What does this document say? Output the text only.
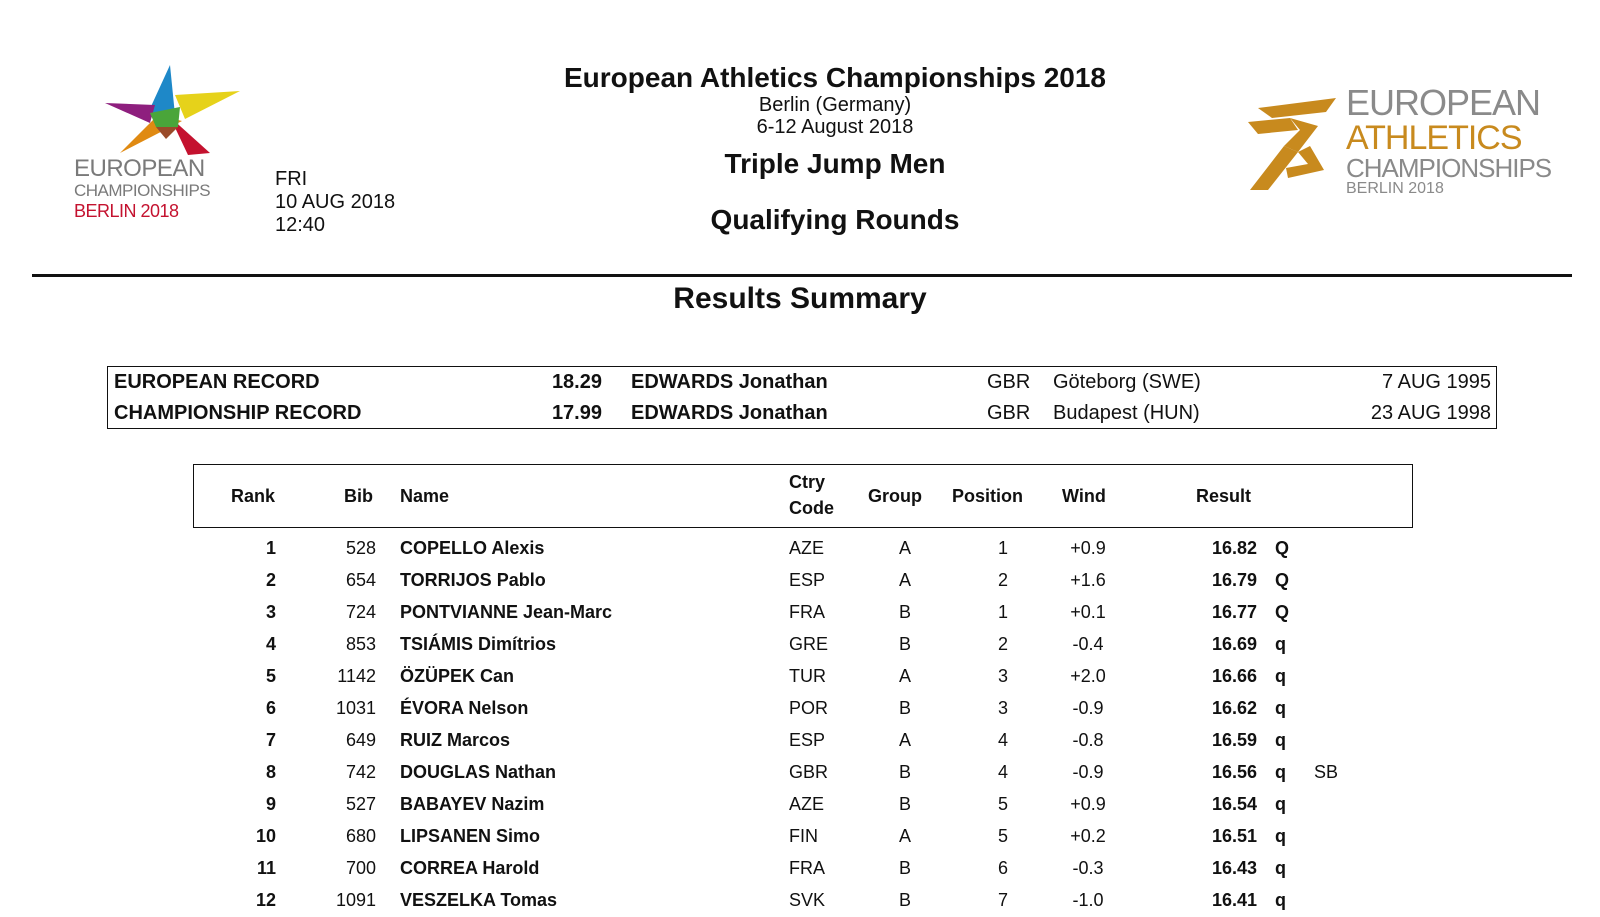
EUROPEAN
CHAMPIONSHIPS
BERLIN 2018
FRI
10 AUG 2018
12:40
European Athletics Championships 2018
Berlin (Germany)
6-12 August 2018
Triple Jump Men
Qualifying Rounds
EUROPEAN
ATHLETICS
CHAMPIONSHIPS
BERLIN 2018
Results Summary
EUROPEAN RECORD	18.29 EDWARDS Jonathan	GBR Göteborg (SWE)	7 AUG 1995
CHAMPIONSHIP RECORD	17.99 EDWARDS Jonathan	GBR Budapest (HUN)	23 AUG 1998
Rank	Bib Name
Ctry
Code
Group Position Wind	Result
1	528 COPELLO Alexis	AZE	A	1	+0.9	16.82 Q
2	654 TORRIJOS Pablo	ESP	A	2	+1.6	16.79 Q
3	724 PONTVIANNE Jean-Marc	FRA	B	1	+0.1	16.77 Q
4	853 TSIÁMIS Dimítrios	GRE	B	2	-0.4	16.69 q
5	1142 ÖZÜPEK Can	TUR	A	3	+2.0	16.66 q
6	1031 ÉVORA Nelson	POR	B	3	-0.9	16.62 q
7	649 RUIZ Marcos	ESP	A	4	-0.8	16.59 q
8	742 DOUGLAS Nathan	GBR	B	4	-0.9	16.56 q SB
9	527 BABAYEV Nazim	AZE	B	5	+0.9	16.54 q
10	680 LIPSANEN Simo	FIN	A	5	+0.2	16.51 q
11	700 CORREA Harold	FRA	B	6	-0.3	16.43 q
12	1091 VESZELKA Tomas	SVK	B	7	-1.0	16.41 q
